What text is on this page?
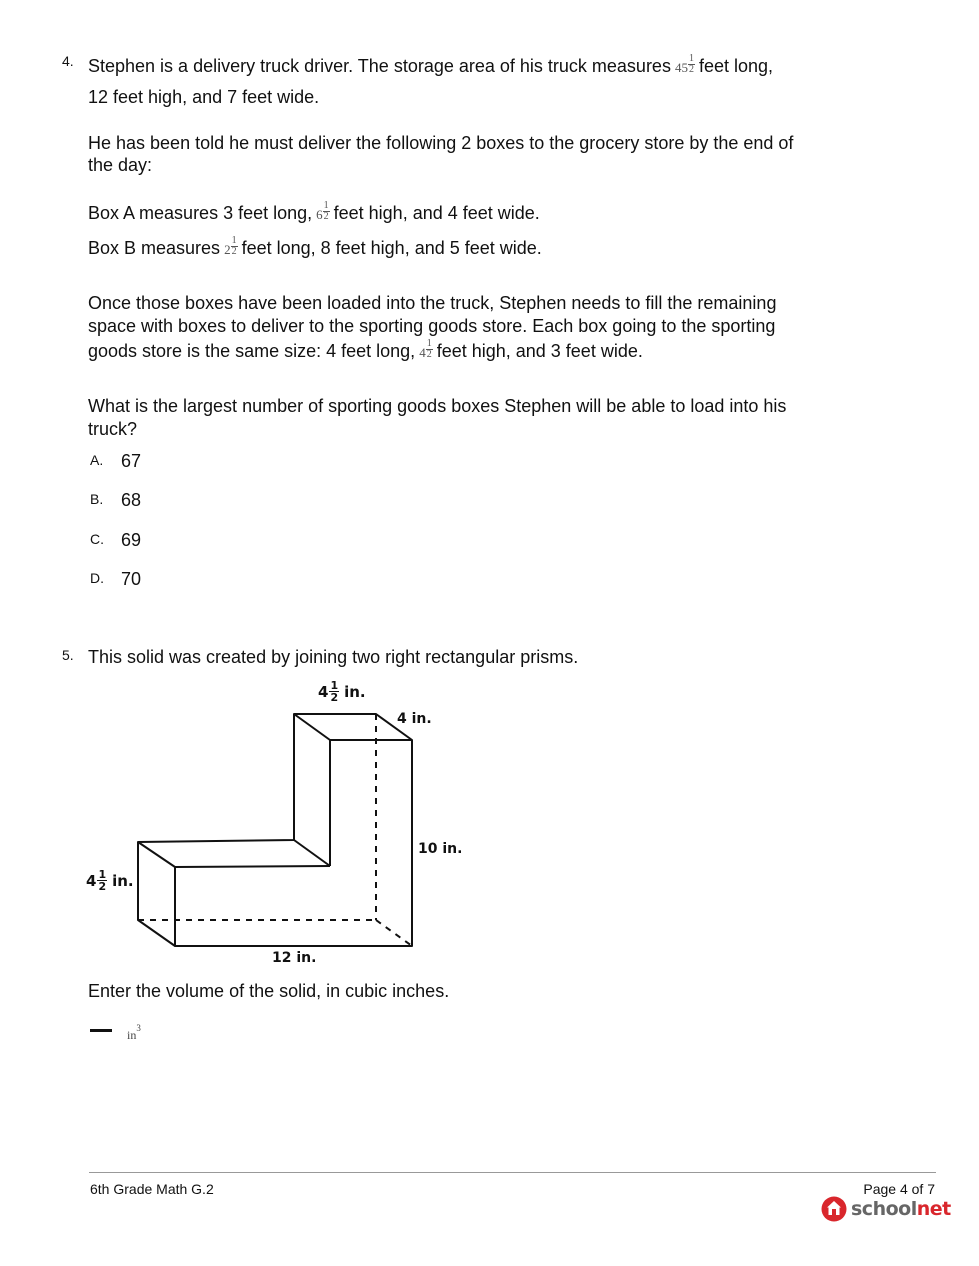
4. Stephen is a delivery truck driver. The storage area of his truck measures $45 \frac{1}{2}$ feet long,
12 feet high, and 7 feet wide.
He has been told he must deliver the following 2 boxes to the grocery store by the end of
the day:
Box A measures 3 feet long, $6 \frac{1}{2}$ feet high, and 4 feet wide.
Box B measures $2 \frac{1}{2}$ feet long, 8 feet high, and 5 feet wide.
Once those boxes have been loaded into the truck, Stephen needs to fill the remaining
space with boxes to deliver to the sporting goods store. Each box going to the sporting
goods store is the same size: 4 feet long, $4 \frac{1}{2}$ feet high, and 3 feet wide.
What is the largest number of sporting goods boxes Stephen will be able to load into his
truck?
A. 67
B. 68
C. 69
D. 70
5. This solid was created by joining two right rectangular prisms.
$4 \frac{1}{2}$ in.
4 in.
10 in.
$4 \frac{1}{2}$ in.
12 in.
Enter the volume of the solid, in cubic inches.
$in^3$
6th Grade Math G.2	Page 4 of 7
school net
